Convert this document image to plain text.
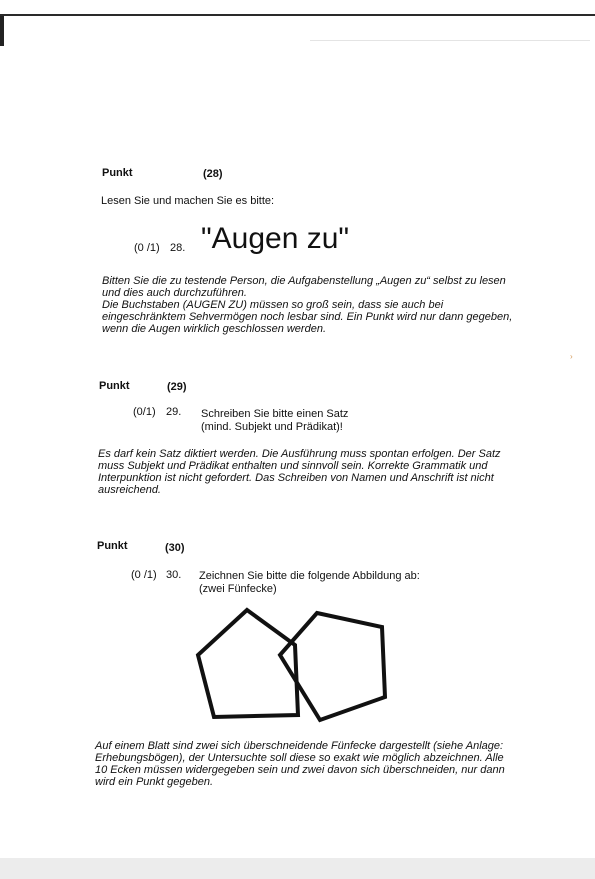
›
Punkt	(28)
Lesen Sie und machen Sie es bitte:
(0 /1) 28. "Augen zu"
Bitten Sie die zu testende Person, die Aufgabenstellung „Augen zu“ selbst zu lesen
und dies auch durchzuführen.
Die Buchstaben (AUGEN ZU) müssen so groß sein, dass sie auch bei
eingeschränktem Sehvermögen noch lesbar sind. Ein Punkt wird nur dann gegeben,
wenn die Augen wirklich geschlossen werden.
Punkt	(29)
(0/1) 29. Schreiben Sie bitte einen Satz
(mind. Subjekt und Prädikat)!
Es darf kein Satz diktiert werden. Die Ausführung muss spontan erfolgen. Der Satz
muss Subjekt und Prädikat enthalten und sinnvoll sein. Korrekte Grammatik und
Interpunktion ist nicht gefordert. Das Schreiben von Namen und Anschrift ist nicht
ausreichend.
Punkt	(30)
(0 /1) 30. Zeichnen Sie bitte die folgende Abbildung ab:
(zwei Fünfecke)
Auf einem Blatt sind zwei sich überschneidende Fünfecke dargestellt (siehe Anlage:
Erhebungsbögen), der Untersuchte soll diese so exakt wie möglich abzeichnen. Alle
10 Ecken müssen widergegeben sein und zwei davon sich überschneiden, nur dann
wird ein Punkt gegeben.
